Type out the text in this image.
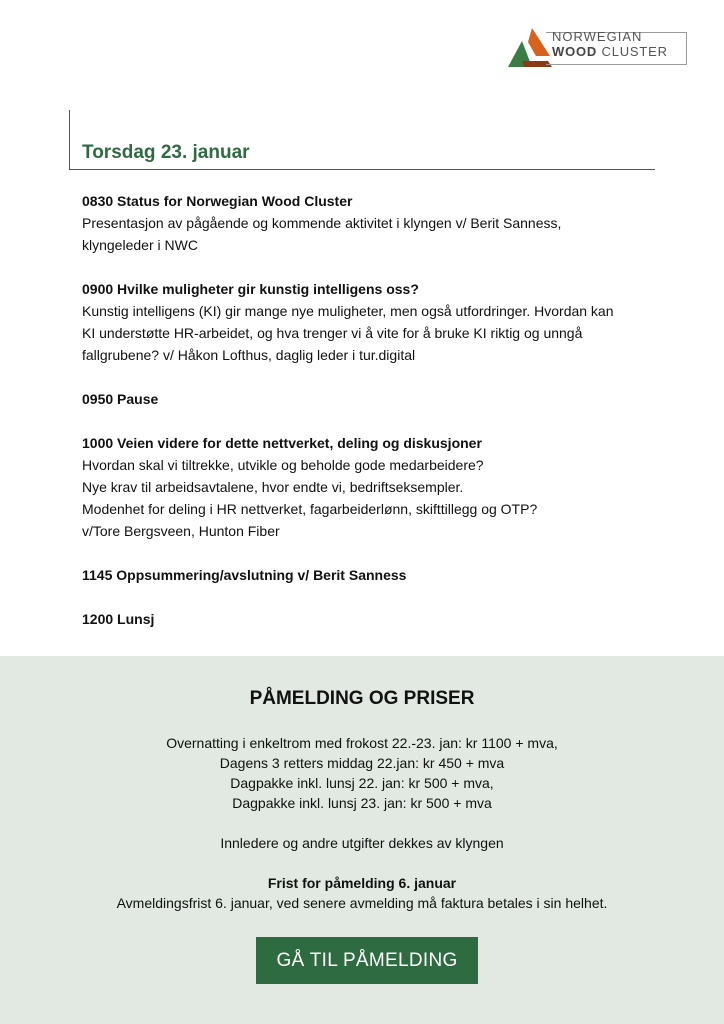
NORWEGIAN
WOOD CLUSTER
Torsdag 23. januar
0830 Status for Norwegian Wood Cluster
Presentasjon av pågående og kommende aktivitet i klyngen v/ Berit Sanness,
klyngeleder i NWC
0900 Hvilke muligheter gir kunstig intelligens oss?
Kunstig intelligens (KI) gir mange nye muligheter, men også utfordringer. Hvordan kan
KI understøtte HR-arbeidet, og hva trenger vi å vite for å bruke KI riktig og unngå
fallgrubene? v/ Håkon Lofthus, daglig leder i tur.digital
0950 Pause
1000 Veien videre for dette nettverket, deling og diskusjoner
Hvordan skal vi tiltrekke, utvikle og beholde gode medarbeidere?
Nye krav til arbeidsavtalene, hvor endte vi, bedriftseksempler.
Modenhet for deling i HR nettverket, fagarbeiderlønn, skifttillegg og OTP?
v/Tore Bergsveen, Hunton Fiber
1145 Oppsummering/avslutning v/ Berit Sanness
1200 Lunsj
PÅMELDING OG PRISER
Overnatting i enkeltrom med frokost 22.-23. jan: kr 1100 + mva,
Dagens 3 retters middag 22.jan: kr 450 + mva
Dagpakke inkl. lunsj 22. jan: kr 500 + mva,
Dagpakke inkl. lunsj 23. jan: kr 500 + mva
Innledere og andre utgifter dekkes av klyngen
Frist for påmelding 6. januar
Avmeldingsfrist 6. januar, ved senere avmelding må faktura betales i sin helhet.
GÅ TIL PÅMELDING
